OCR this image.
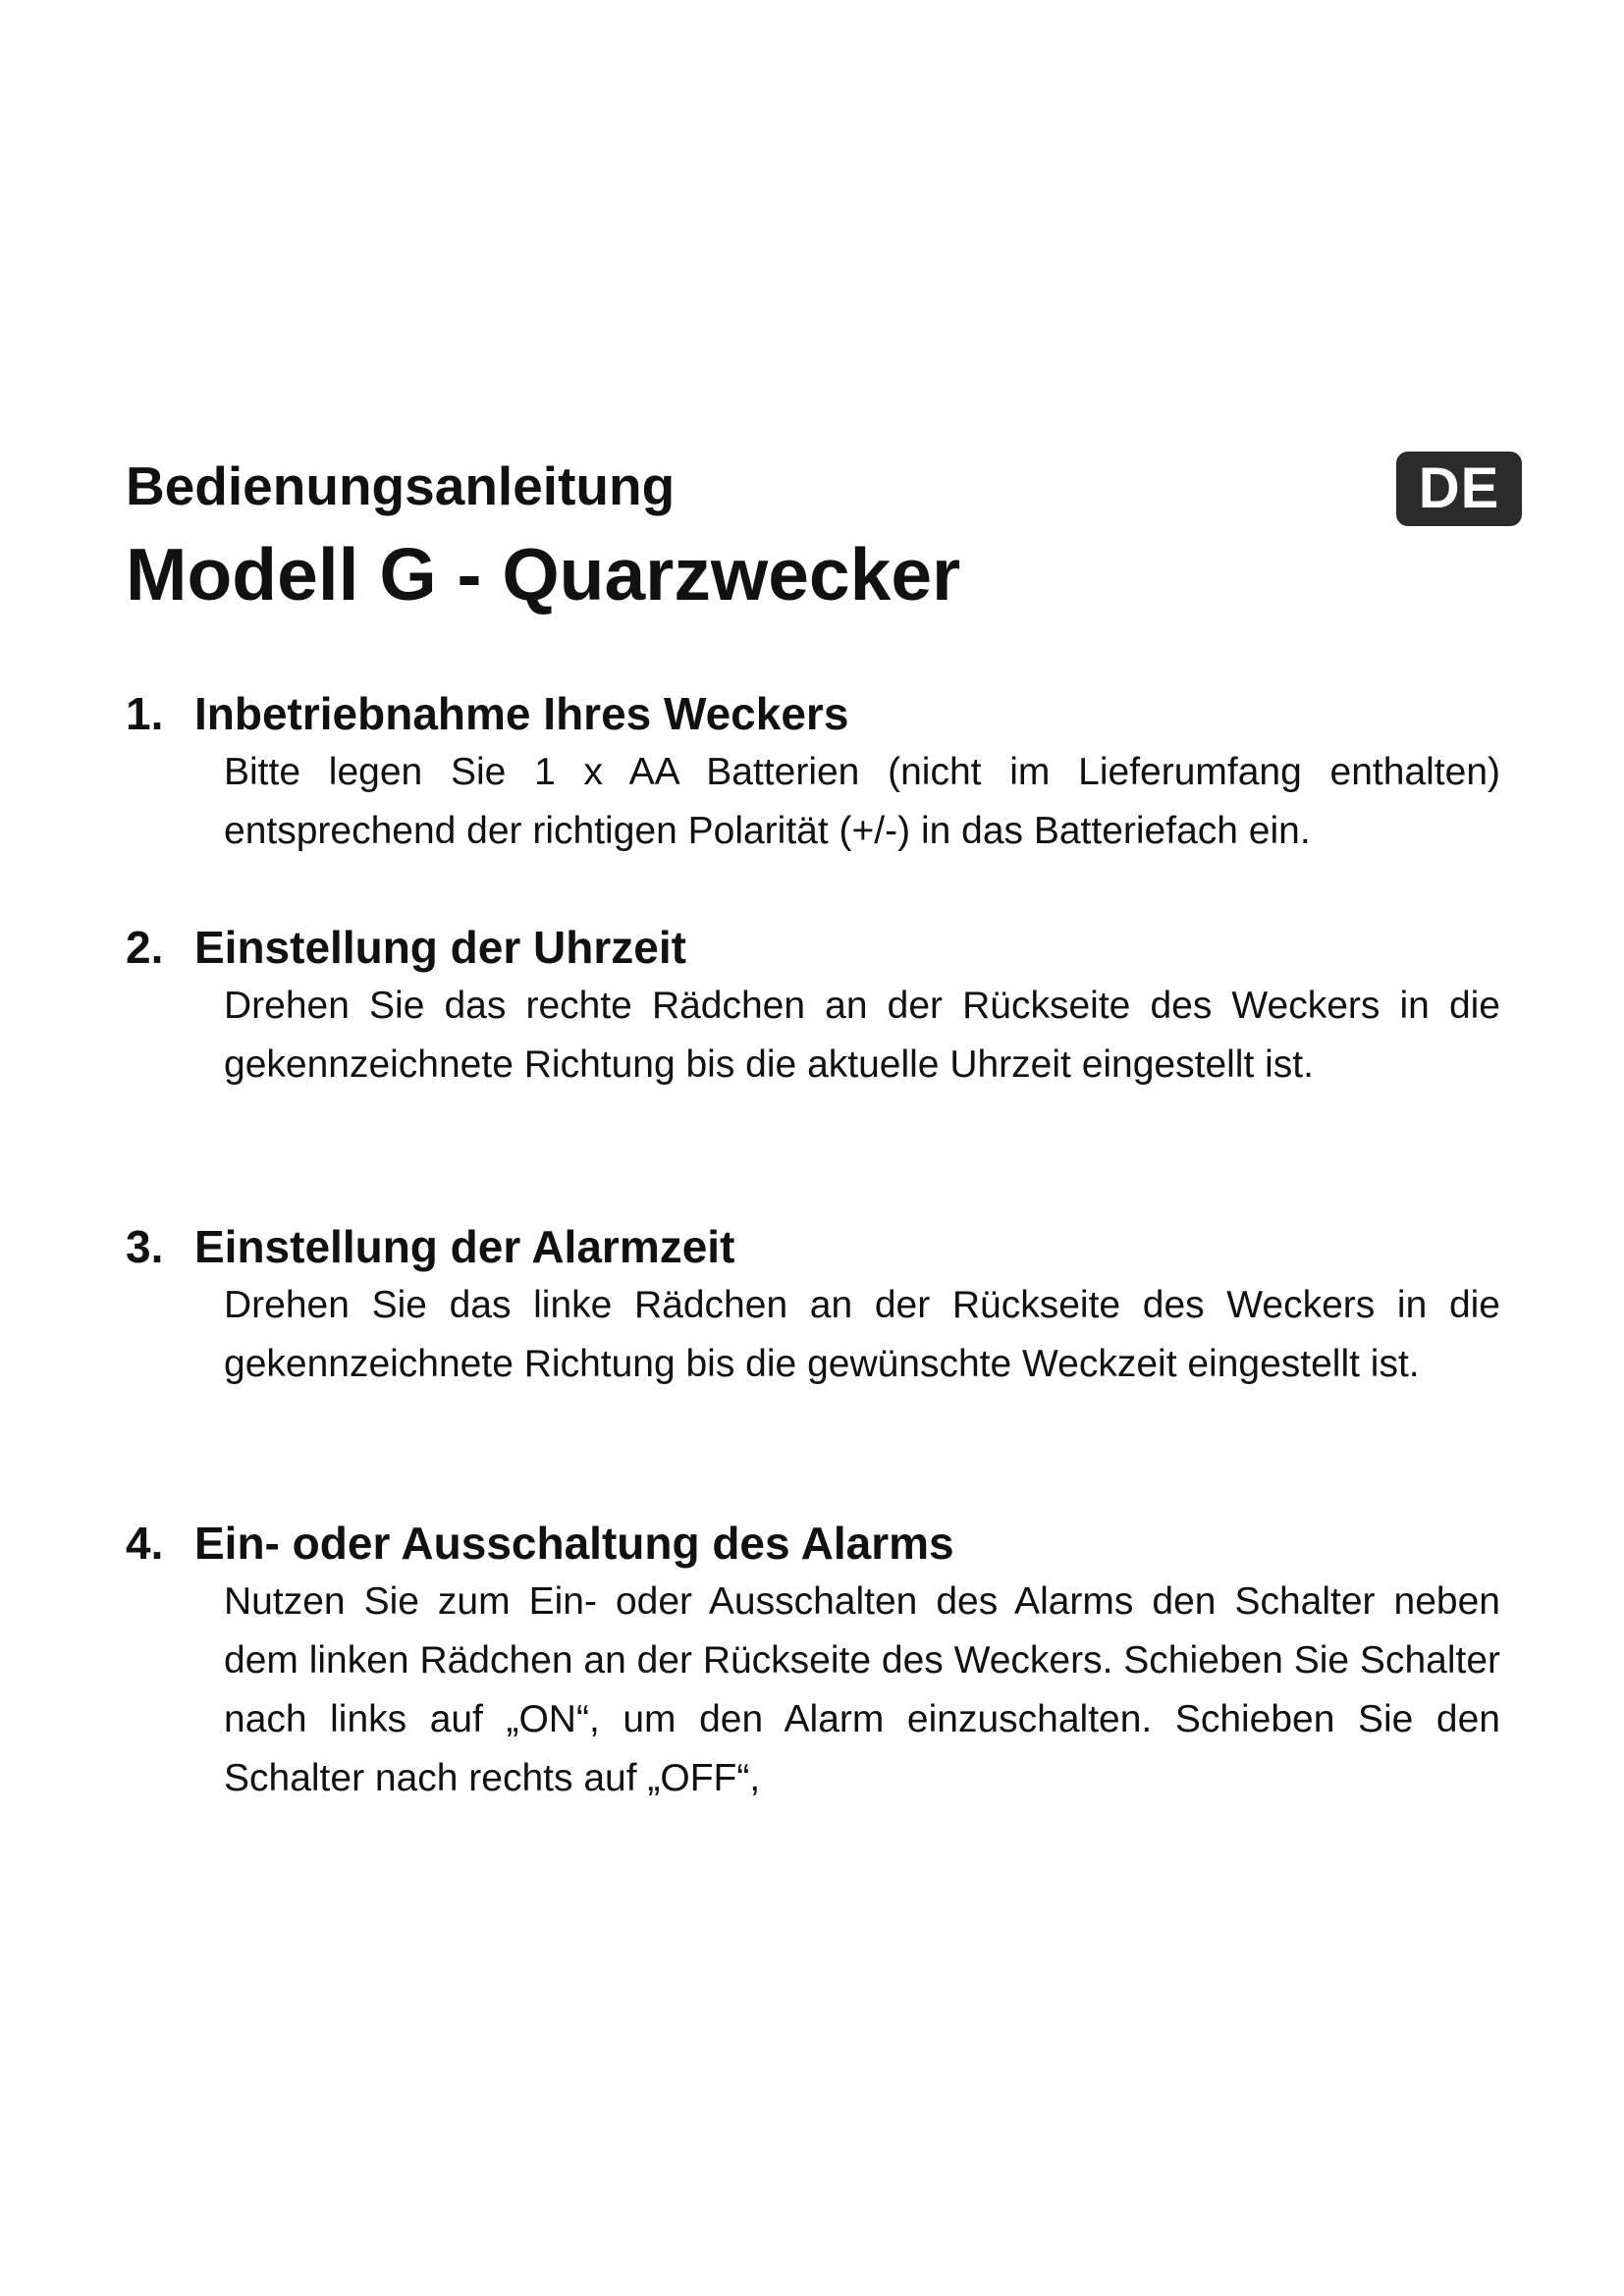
Bedienungsanleitung
Modell G - Quarzwecker
DE
1. Inbetriebnahme Ihres Weckers

Bitte legen Sie 1 x AA Batterien (nicht im Lieferumfang enthalten) entsprechend der richtigen Polarität (+/-) in das Batteriefach ein.

2. Einstellung der Uhrzeit

Drehen Sie das rechte Rädchen an der Rückseite des Weckers in die gekennzeichnete Richtung bis die aktuelle Uhrzeit eingestellt ist.

3. Einstellung der Alarmzeit

Drehen Sie das linke Rädchen an der Rückseite des Weckers in die gekennzeichnete Richtung bis die gewünschte Weckzeit eingestellt ist.

4. Ein- oder Ausschaltung des Alarms

Nutzen Sie zum Ein- oder Ausschalten des Alarms den Schalter neben dem linken Rädchen an der Rückseite des Weckers. Schieben Sie Schalter nach links auf „ON“, um den Alarm einzuschalten. Schieben Sie den Schalter nach rechts auf „OFF“,
